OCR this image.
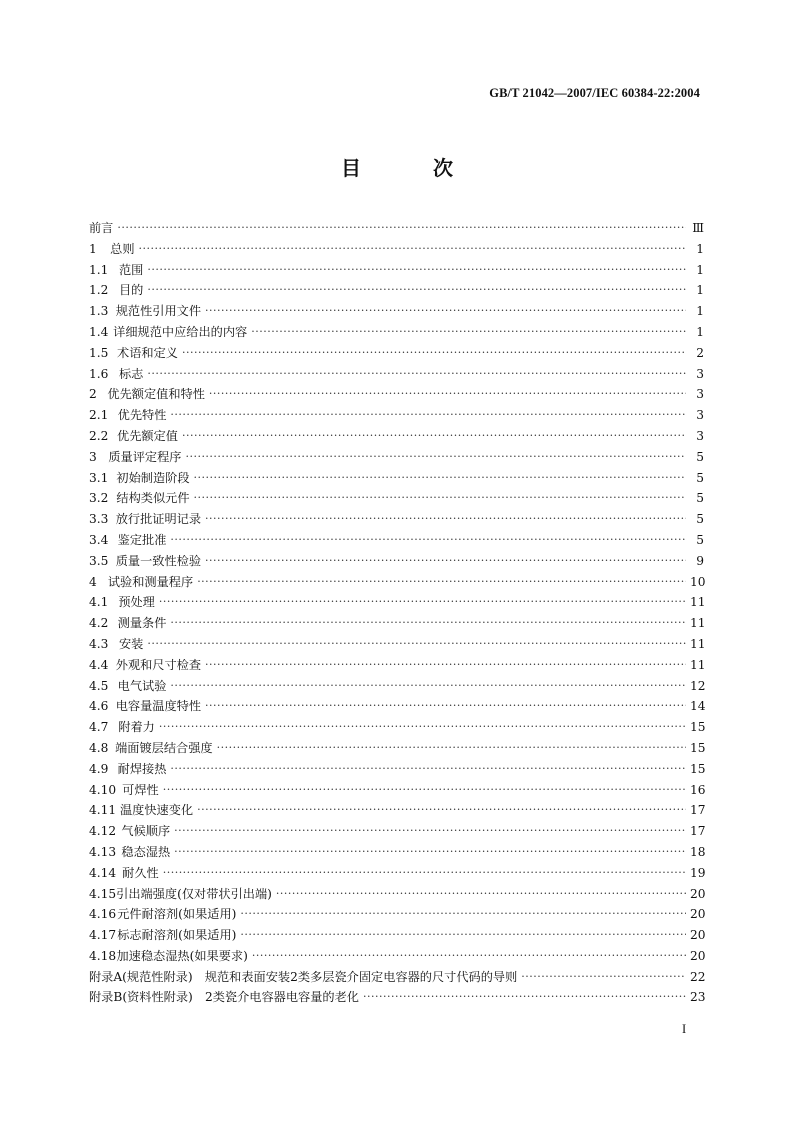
GB/T 21042—2007/IEC 60384-22:2004
目　次
前言 ·····	Ⅲ
1	总则 ·····	1
1.1 范围 ·····	1
1.2 目的 ·····	1
1.3 规范性引用文件 ·····	1
1.4 详细规范中应给出的内容 ·····	1
1.5 术语和定义 ·····	2
1.6 标志 ·····	3
2 优先额定值和特性 ·····	3
2.1 优先特性 ·····	3
2.2 优先额定值 ·····	3
3 质量评定程序 ·····	5
3.1 初始制造阶段 ·····	5
3.2 结构类似元件 ·····	5
3.3 放行批证明记录 ·····	5
3.4 鉴定批准 ·····	5
3.5 质量一致性检验 ·····	9
4 试验和测量程序 ·····	10
4.1 预处理 ·····	11
4.2 测量条件 ·····	11
4.3 安装 ·····	11
4.4 外观和尺寸检查 ·····	11
4.5 电气试验 ·····	12
4.6 电容量温度特性 ·····	14
4.7 附着力 ·····	15
4.8 端面镀层结合强度 ·····	15
4.9 耐焊接热 ·····	15
4.10 可焊性 ·····	16
4.11 温度快速变化 ·····	17
4.12 气候顺序 ·····	17
4.13 稳态湿热 ·····	18
4.14 耐久性 ·····	19
4.15 引出端强度(仅对带状引出端) ·····	20
4.16 元件耐溶剂(如果适用) ·····	20
4.17 标志耐溶剂(如果适用) ·····	20
4.18 加速稳态湿热(如果要求) ·····	20
附录A(规范性附录)　规范和表面安装2类多层瓷介固定电容器的尺寸代码的导则 ·····	22
附录B(资料性附录)　2类瓷介电容器电容量的老化 ·····	23
I
